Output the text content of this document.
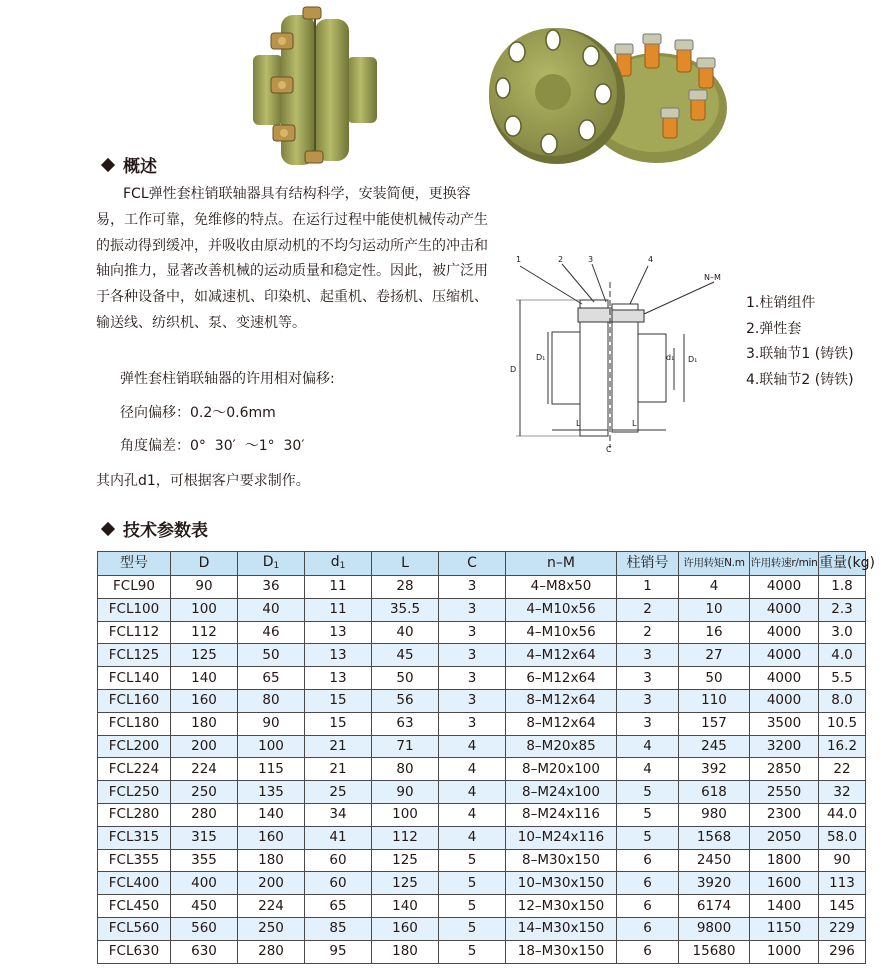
概述

FCL弹性套柱销联轴器具有结构科学，安装简便，更换容易，工作可靠，免维修的特点。在运行过程中能使机械传动产生的振动得到缓冲，并吸收由原动机的不均匀运动所产生的冲击和轴向推力，显著改善机械的运动质量和稳定性。因此，被广泛用于各种设备中，如减速机、印染机、起重机、卷扬机、压缩机、输送线、纺织机、泵、变速机等。

弹性套柱销联轴器的许用相对偏移:
径向偏移：0.2～0.6mm
角度偏差：0°  30′  ～1°  30′
其内孔d1，可根据客户要求制作。
1	2	3	4
N–M
D
D₁	d₁ D₁
L	L
C
1.柱销组件
2.弹性套
3.联轴节1 (铸铁)
4.联轴节2 (铸铁)
技术参数表
型号	D	$D_1$	$d_1$	L	C	n–M	柱销号	许用转矩N.m	许用转速r/min	重量(kg)
FCL90	90	36	11	28	3	4–M8x50	1	4	4000	1.8
FCL100	100	40	11	35.5	3	4–M10x56	2	10	4000	2.3
FCL112	112	46	13	40	3	4–M10x56	2	16	4000	3.0
FCL125	125	50	13	45	3	4–M12x64	3	27	4000	4.0
FCL140	140	65	13	50	3	6–M12x64	3	50	4000	5.5
FCL160	160	80	15	56	3	8–M12x64	3	110	4000	8.0
FCL180	180	90	15	63	3	8–M12x64	3	157	3500	10.5
FCL200	200	100	21	71	4	8–M20x85	4	245	3200	16.2
FCL224	224	115	21	80	4	8–M20x100	4	392	2850	22
FCL250	250	135	25	90	4	8–M24x100	5	618	2550	32
FCL280	280	140	34	100	4	8–M24x116	5	980	2300	44.0
FCL315	315	160	41	112	4	10–M24x116	5	1568	2050	58.0
FCL355	355	180	60	125	5	8–M30x150	6	2450	1800	90
FCL400	400	200	60	125	5	10–M30x150	6	3920	1600	113
FCL450	450	224	65	140	5	12–M30x150	6	6174	1400	145
FCL560	560	250	85	160	5	14–M30x150	6	9800	1150	229
FCL630	630	280	95	180	5	18–M30x150	6	15680	1000	296
